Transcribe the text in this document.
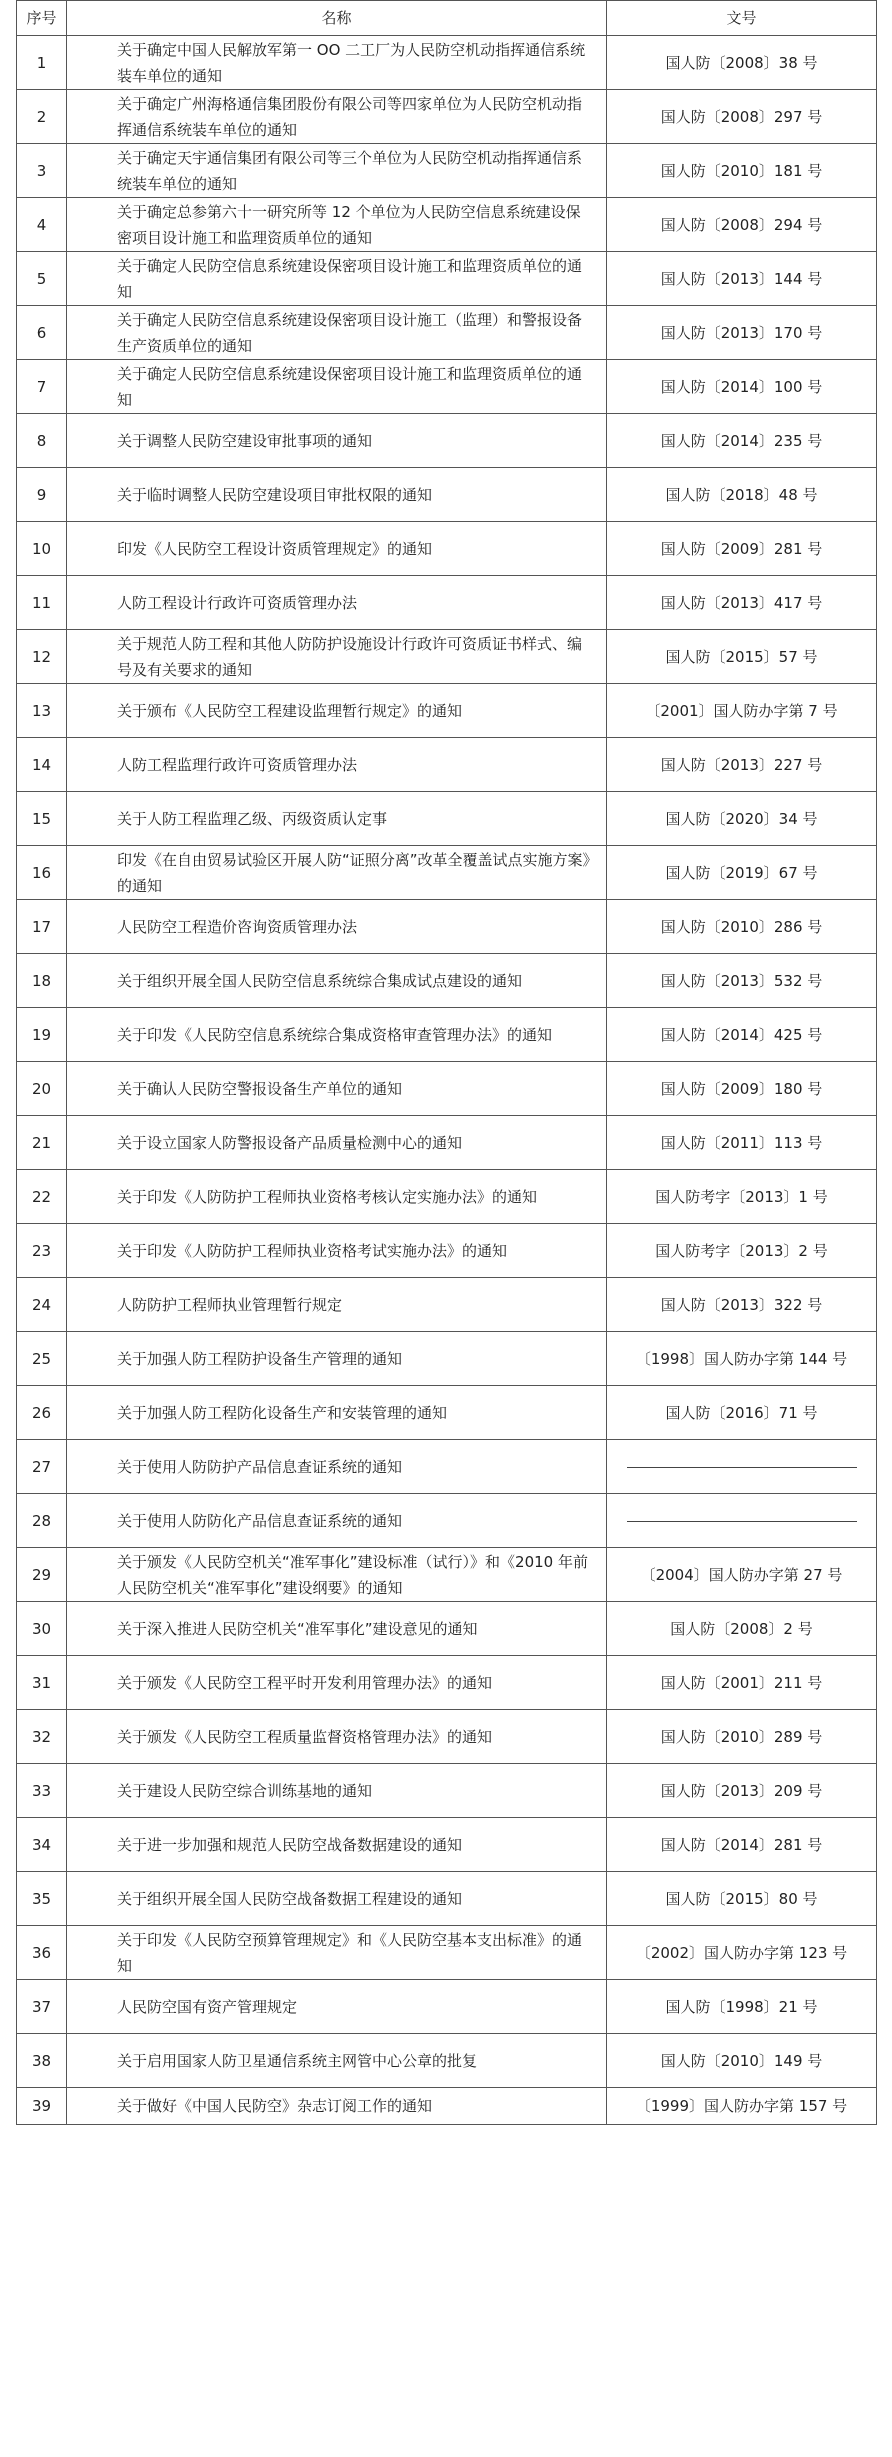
序号	名称	文号
1	关于确定中国人民解放军第一 OO 二工厂为人民防空机动指挥通信系统装车单位的通知	国人防〔2008〕38 号
2	关于确定广州海格通信集团股份有限公司等四家单位为人民防空机动指挥通信系统装车单位的通知	国人防〔2008〕297 号
3	关于确定天宇通信集团有限公司等三个单位为人民防空机动指挥通信系统装车单位的通知	国人防〔2010〕181 号
4	关于确定总参第六十一研究所等 12 个单位为人民防空信息系统建设保密项目设计施工和监理资质单位的通知	国人防〔2008〕294 号
5	关于确定人民防空信息系统建设保密项目设计施工和监理资质单位的通知	国人防〔2013〕144 号
6	关于确定人民防空信息系统建设保密项目设计施工（监理）和警报设备生产资质单位的通知	国人防〔2013〕170 号
7	关于确定人民防空信息系统建设保密项目设计施工和监理资质单位的通知	国人防〔2014〕100 号
8	关于调整人民防空建设审批事项的通知	国人防〔2014〕235 号
9	关于临时调整人民防空建设项目审批权限的通知	国人防〔2018〕48 号
10	印发《人民防空工程设计资质管理规定》的通知	国人防〔2009〕281 号
11	人防工程设计行政许可资质管理办法	国人防〔2013〕417 号
12	关于规范人防工程和其他人防防护设施设计行政许可资质证书样式、编号及有关要求的通知	国人防〔2015〕57 号
13	关于颁布《人民防空工程建设监理暂行规定》的通知	〔2001〕国人防办字第 7 号
14	人防工程监理行政许可资质管理办法	国人防〔2013〕227 号
15	关于人防工程监理乙级、丙级资质认定事	国人防〔2020〕34 号
16	印发《在自由贸易试验区开展人防“证照分离”改革全覆盖试点实施方案》的通知	国人防〔2019〕67 号
17	人民防空工程造价咨询资质管理办法	国人防〔2010〕286 号
18	关于组织开展全国人民防空信息系统综合集成试点建设的通知	国人防〔2013〕532 号
19	关于印发《人民防空信息系统综合集成资格审查管理办法》的通知	国人防〔2014〕425 号
20	关于确认人民防空警报设备生产单位的通知	国人防〔2009〕180 号
21	关于设立国家人防警报设备产品质量检测中心的通知	国人防〔2011〕113 号
22	关于印发《人防防护工程师执业资格考核认定实施办法》的通知	国人防考字〔2013〕1 号
23	关于印发《人防防护工程师执业资格考试实施办法》的通知	国人防考字〔2013〕2 号
24	人防防护工程师执业管理暂行规定	国人防〔2013〕322 号
25	关于加强人防工程防护设备生产管理的通知	〔1998〕国人防办字第 144 号
26	关于加强人防工程防化设备生产和安装管理的通知	国人防〔2016〕71 号
27	关于使用人防防护产品信息查证系统的通知	
28	关于使用人防防化产品信息查证系统的通知	
29	关于颁发《人民防空机关“准军事化”建设标准（试行）》和《2010 年前人民防空机关“准军事化”建设纲要》的通知	〔2004〕国人防办字第 27 号
30	关于深入推进人民防空机关“准军事化”建设意见的通知	国人防〔2008〕2 号
31	关于颁发《人民防空工程平时开发利用管理办法》的通知	国人防〔2001〕211 号
32	关于颁发《人民防空工程质量监督资格管理办法》的通知	国人防〔2010〕289 号
33	关于建设人民防空综合训练基地的通知	国人防〔2013〕209 号
34	关于进一步加强和规范人民防空战备数据建设的通知	国人防〔2014〕281 号
35	关于组织开展全国人民防空战备数据工程建设的通知	国人防〔2015〕80 号
36	关于印发《人民防空预算管理规定》和《人民防空基本支出标准》的通知	〔2002〕国人防办字第 123 号
37	人民防空国有资产管理规定	国人防〔1998〕21 号
38	关于启用国家人防卫星通信系统主网管中心公章的批复	国人防〔2010〕149 号
39	关于做好《中国人民防空》杂志订阅工作的通知	〔1999〕国人防办字第 157 号
